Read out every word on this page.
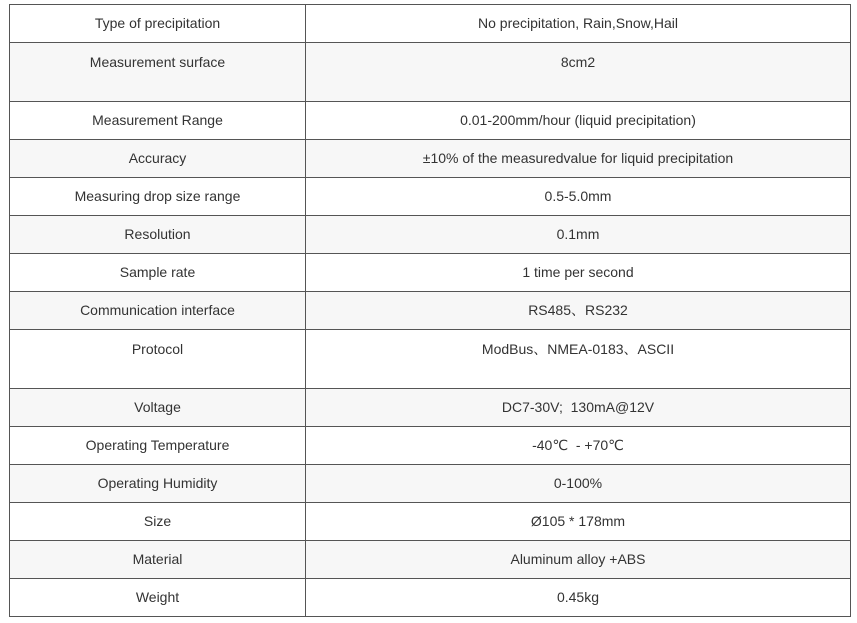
Type of precipitation	No precipitation, Rain,Snow,Hail

Measurement surface	8cm2

Measurement Range	0.01-200mm/hour (liquid precipitation)

Accuracy	±10% of the measuredvalue for liquid precipitation

Measuring drop size range	0.5-5.0mm

Resolution	0.1mm

Sample rate	1 time per second

Communication interface	RS485、RS232

Protocol	ModBus、NMEA-0183、ASCII

Voltage	DC7-30V;  130mA@12V

Operating Temperature	-40℃  - +70℃

Operating Humidity	0-100%

Size	Ø105 * 178mm

Material	Aluminum alloy +ABS

Weight	0.45kg
